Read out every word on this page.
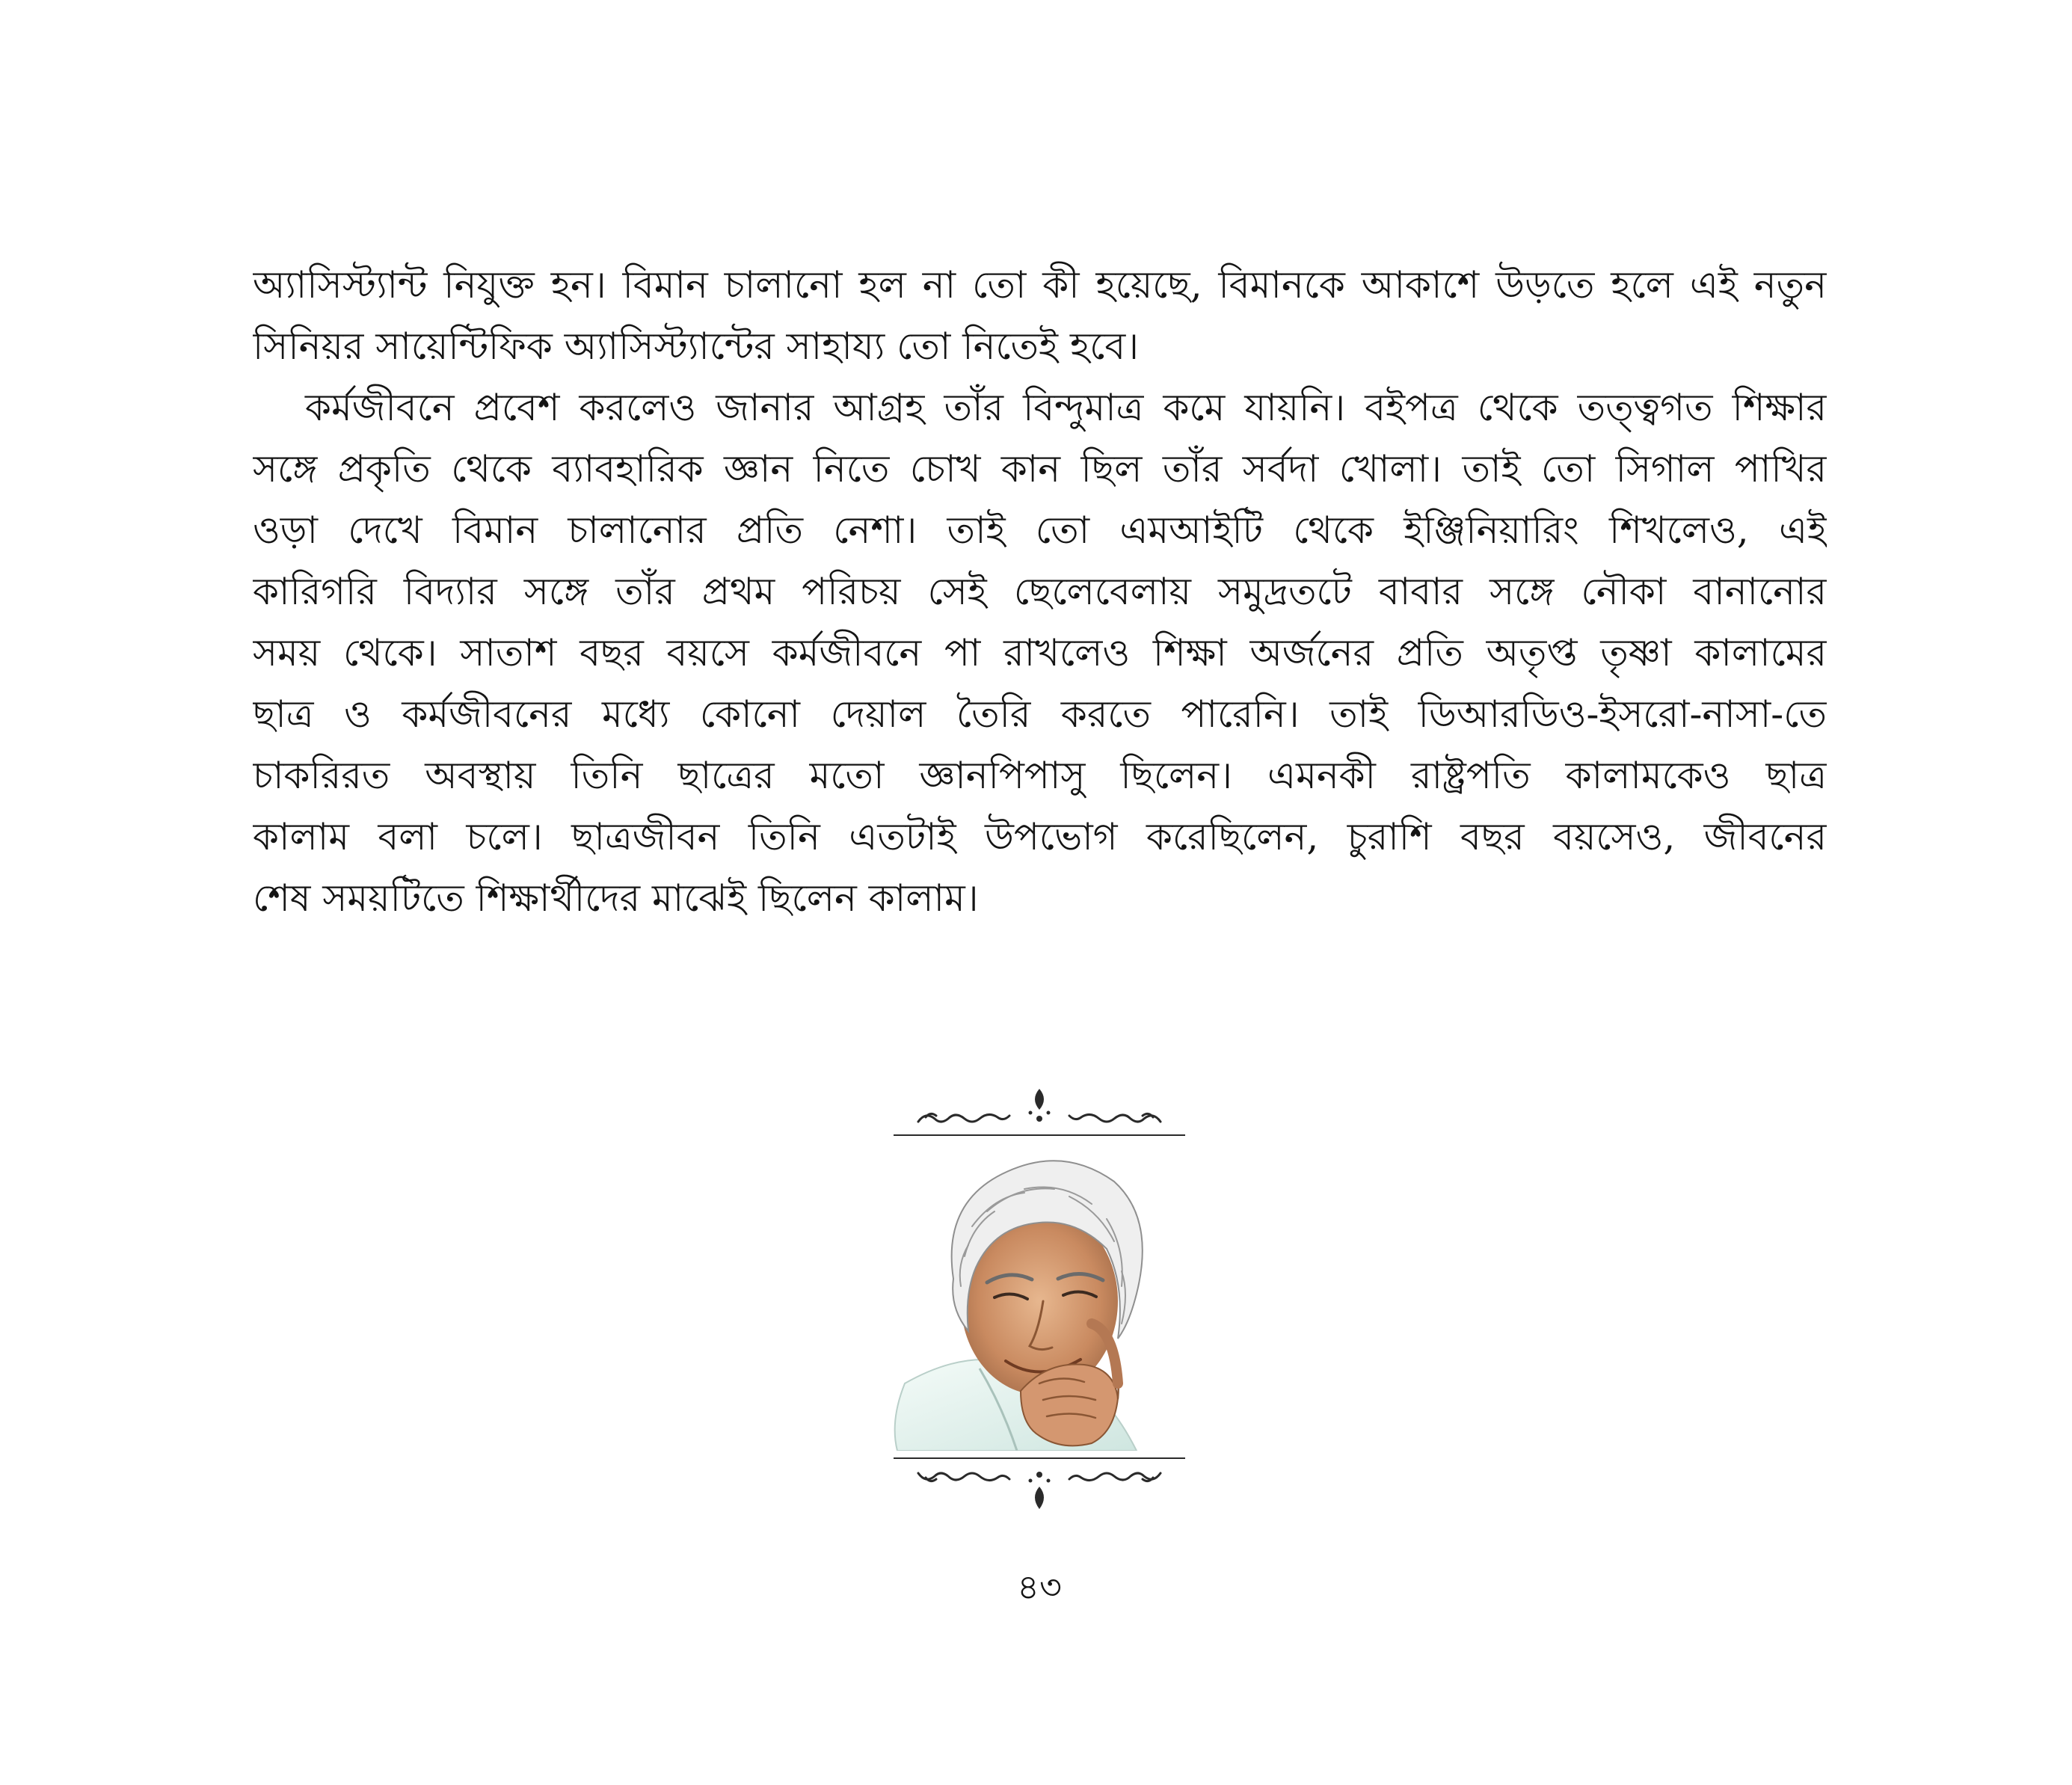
অ্যাসিস্ট্যান্ট নিযুক্ত হন। বিমান চালানো হল না তো কী হয়েছে, বিমানকে আকাশে উড়তে হলে এই নতুন
সিনিয়র সায়েন্টিফিক অ্যাসিস্ট্যান্টের সাহায্য তো নিতেই হবে।
কর্মজীবনে প্রবেশ করলেও জানার আগ্রহ তাঁর বিন্দুমাত্র কমে যায়নি। বইপত্র থেকে তত্ত্বগত শিক্ষার
সঙ্গে প্রকৃতি থেকে ব্যাবহারিক জ্ঞান নিতে চোখ কান ছিল তাঁর সর্বদা খোলা। তাই তো সিগাল পাখির
ওড়া দেখে বিমান চালানোর প্রতি নেশা। তাই তো এমআইটি থেকে ইঞ্জিনিয়ারিং শিখলেও, এই
কারিগরি বিদ্যার সঙ্গে তাঁর প্রথম পরিচয় সেই ছেলেবেলায় সমুদ্রতটে বাবার সঙ্গে নৌকা বানানোর
সময় থেকে। সাতাশ বছর বয়সে কর্মজীবনে পা রাখলেও শিক্ষা অর্জনের প্রতি অতৃপ্ত তৃষ্ণা কালামের
ছাত্র ও কর্মজীবনের মধ্যে কোনো দেয়াল তৈরি করতে পারেনি। তাই ডিআরডিও-ইসরো-নাসা-তে
চাকরিরত অবস্থায় তিনি ছাত্রের মতো জ্ঞানপিপাসু ছিলেন। এমনকী রাষ্ট্রপতি কালামকেও ছাত্র
কালাম বলা চলে। ছাত্রজীবন তিনি এতটাই উপভোগ করেছিলেন, চুরাশি বছর বয়সেও, জীবনের
শেষ সময়টিতে শিক্ষার্থীদের মাঝেই ছিলেন কালাম।
৪৩
